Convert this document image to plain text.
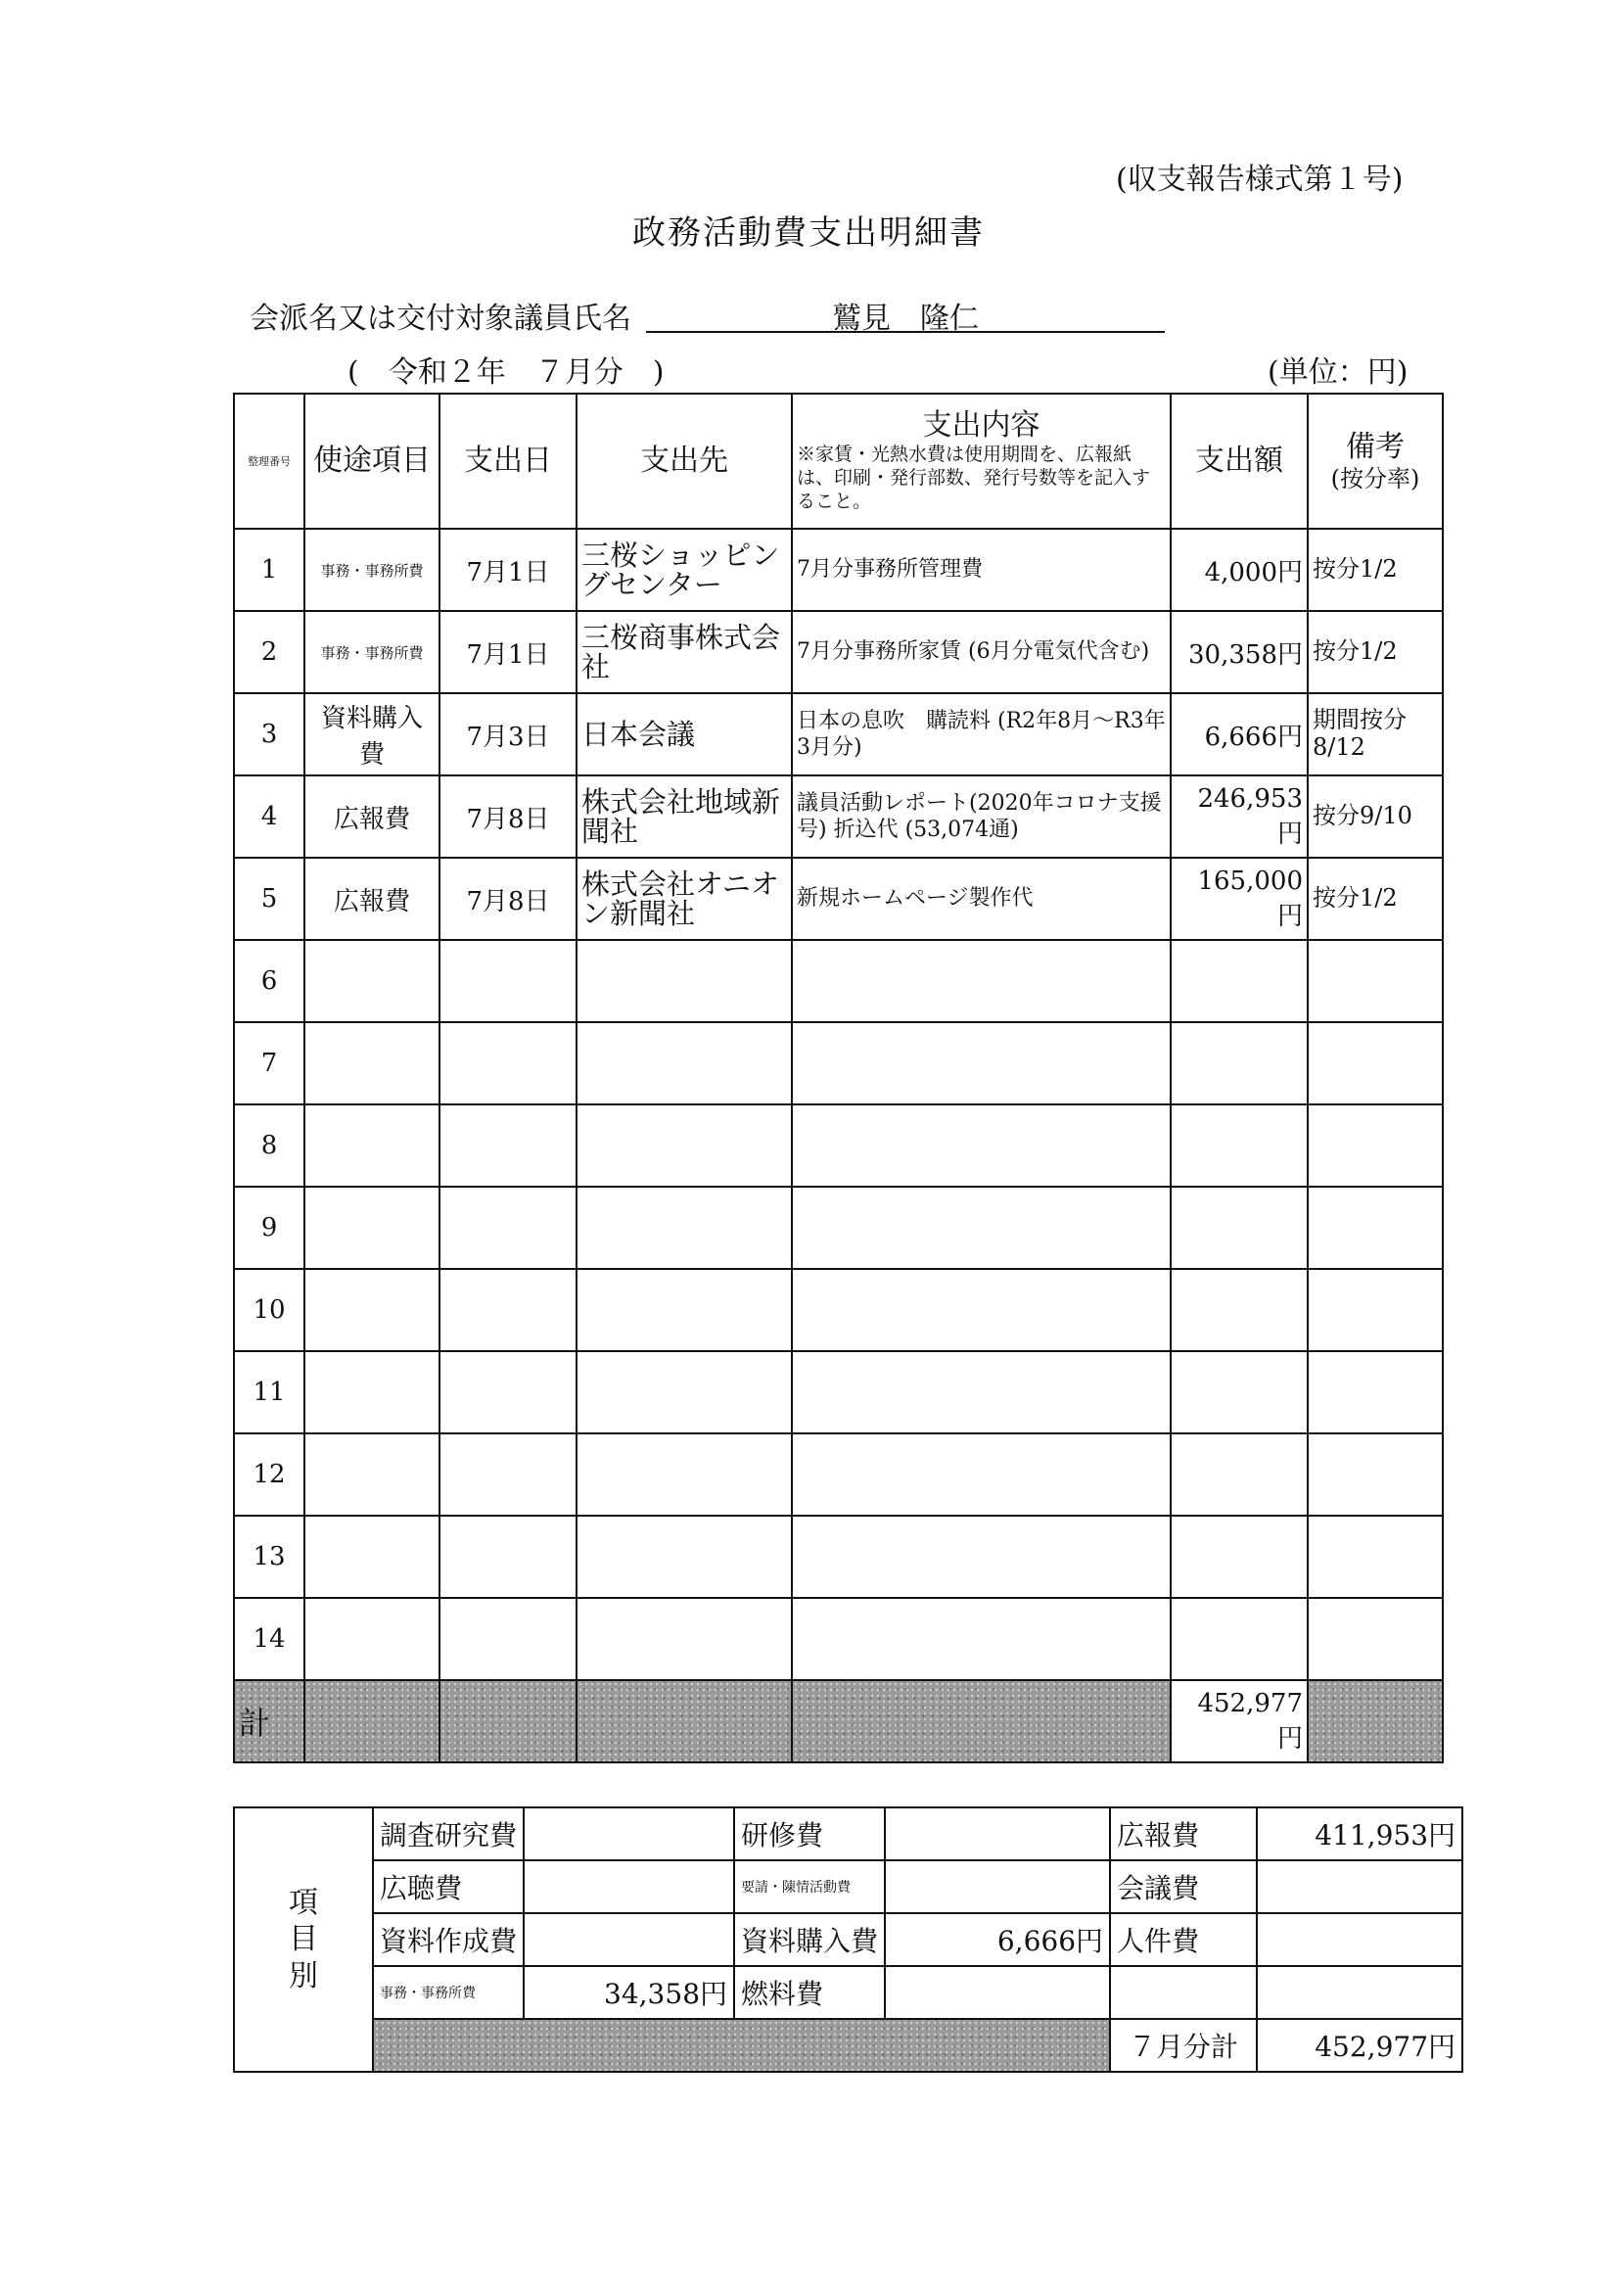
(収支報告様式第１号)
政務活動費支出明細書
会派名又は交付対象議員氏名	鷲見　隆仁
(　令和２年　７月分　)	(単位：円)
整理番号	使途項目	支出日	支出先	支出内容
※家賃・光熱水費は使用期間を、広報紙は、印刷・発行部数、発行号数等を記入すること。	支出額	備考
(按分率)

1	事務・事務所費	7月1日	三桜ショッピングセンター	7月分事務所管理費	4,000円	按分1/2
2	事務・事務所費	7月1日	三桜商事株式会社	7月分事務所家賃 (6月分電気代含む)	30,358円	按分1/2
3	資料購入費	7月3日	日本会議	日本の息吹　購読料 (R2年8月～R3年3月分)	6,666円	期間按分8/12
4	広報費	7月8日	株式会社地域新聞社	議員活動レポート(2020年コロナ支援号) 折込代 (53,074通)	246,953円	按分9/10
5	広報費	7月8日	株式会社オニオン新聞社	新規ホームページ製作代	165,000円	按分1/2
6						
7						
8						
9						
10						
11						
12						
13						
14						
計					452,977円	
項
目
別	調査研究費		研修費		広報費	411,953円
	広聴費		要請・陳情活動費		会議費	
	資料作成費		資料購入費	6,666円	人件費	
	事務・事務所費	34,358円	燃料費			
					７月分計	452,977円
